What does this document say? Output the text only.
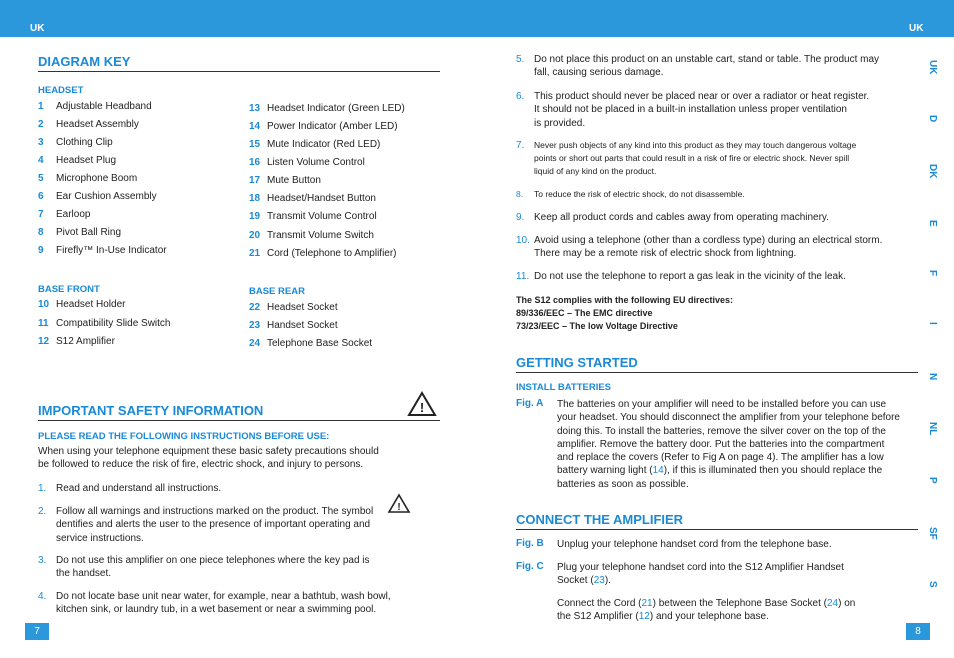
UK	UK
DIAGRAM KEY
HEADSET
1 Adjustable Headband
2 Headset Assembly
3 Clothing Clip
4 Headset Plug
5 Microphone Boom
6 Ear Cushion Assembly
7 Earloop
8 Pivot Ball Ring
9 Firefly™ In-Use Indicator
13 Headset Indicator (Green LED)
14 Power Indicator (Amber LED)
15 Mute Indicator (Red LED)
16 Listen Volume Control
17 Mute Button
18 Headset/Handset Button
19 Transmit Volume Control
20 Transmit Volume Switch
21 Cord (Telephone to Amplifier)
BASE FRONT
10 Headset Holder
11 Compatibility Slide Switch
12 S12 Amplifier
BASE REAR
22 Headset Socket
23 Handset Socket
24 Telephone Base Socket
IMPORTANT SAFETY INFORMATION	!
PLEASE READ THE FOLLOWING INSTRUCTIONS BEFORE USE:
When using your telephone equipment these basic safety precautions should
be followed to reduce the risk of fire, electric shock, and injury to persons.
1. Read and understand all instructions.
2. Follow all warnings and instructions marked on the product. The symbol
dentifies and alerts the user to the presence of important operating and
service instructions.
!
3. Do not use this amplifier on one piece telephones where the key pad is
the handset.
4. Do not locate base unit near water, for example, near a bathtub, wash bowl,
kitchen sink, or laundry tub, in a wet basement or near a swimming pool.
7
5. Do not place this product on an unstable cart, stand or table. The product may
fall, causing serious damage.
6. This product should never be placed near or over a radiator or heat register.
It should not be placed in a built-in installation unless proper ventilation
is provided.
7. Never push objects of any kind into this product as they may touch dangerous voltage
points or short out parts that could result in a risk of fire or electric shock. Never spill
liquid of any kind on the product.
8. To reduce the risk of electric shock, do not disassemble.
9. Keep all product cords and cables away from operating machinery.
10. Avoid using a telephone (other than a cordless type) during an electrical storm.
There may be a remote risk of electric shock from lightning.
11. Do not use the telephone to report a gas leak in the vicinity of the leak.
The S12 complies with the following EU directives:
89/336/EEC – The EMC directive
73/23/EEC – The low Voltage Directive
GETTING STARTED
INSTALL BATTERIES
Fig. A The batteries on your amplifier will need to be installed before you can use
your headset. You should disconnect the amplifier from your telephone before
doing this. To install the batteries, remove the silver cover on the top of the
amplifier. Remove the battery door. Put the batteries into the compartment
and replace the covers (Refer to Fig A on page 4). The amplifier has a low
battery warning light (14), if this is illuminated then you should replace the
batteries as soon as possible.
CONNECT THE AMPLIFIER
Fig. B Unplug your telephone handset cord from the telephone base.
Fig. C Plug your telephone handset cord into the S12 Amplifier Handset
Socket (23).
Connect the Cord (21) between the Telephone Base Socket (24) on
the S12 Amplifier (12) and your telephone base.
UK
D
DK
E
F
I
N
NL
P
SF
S
8
